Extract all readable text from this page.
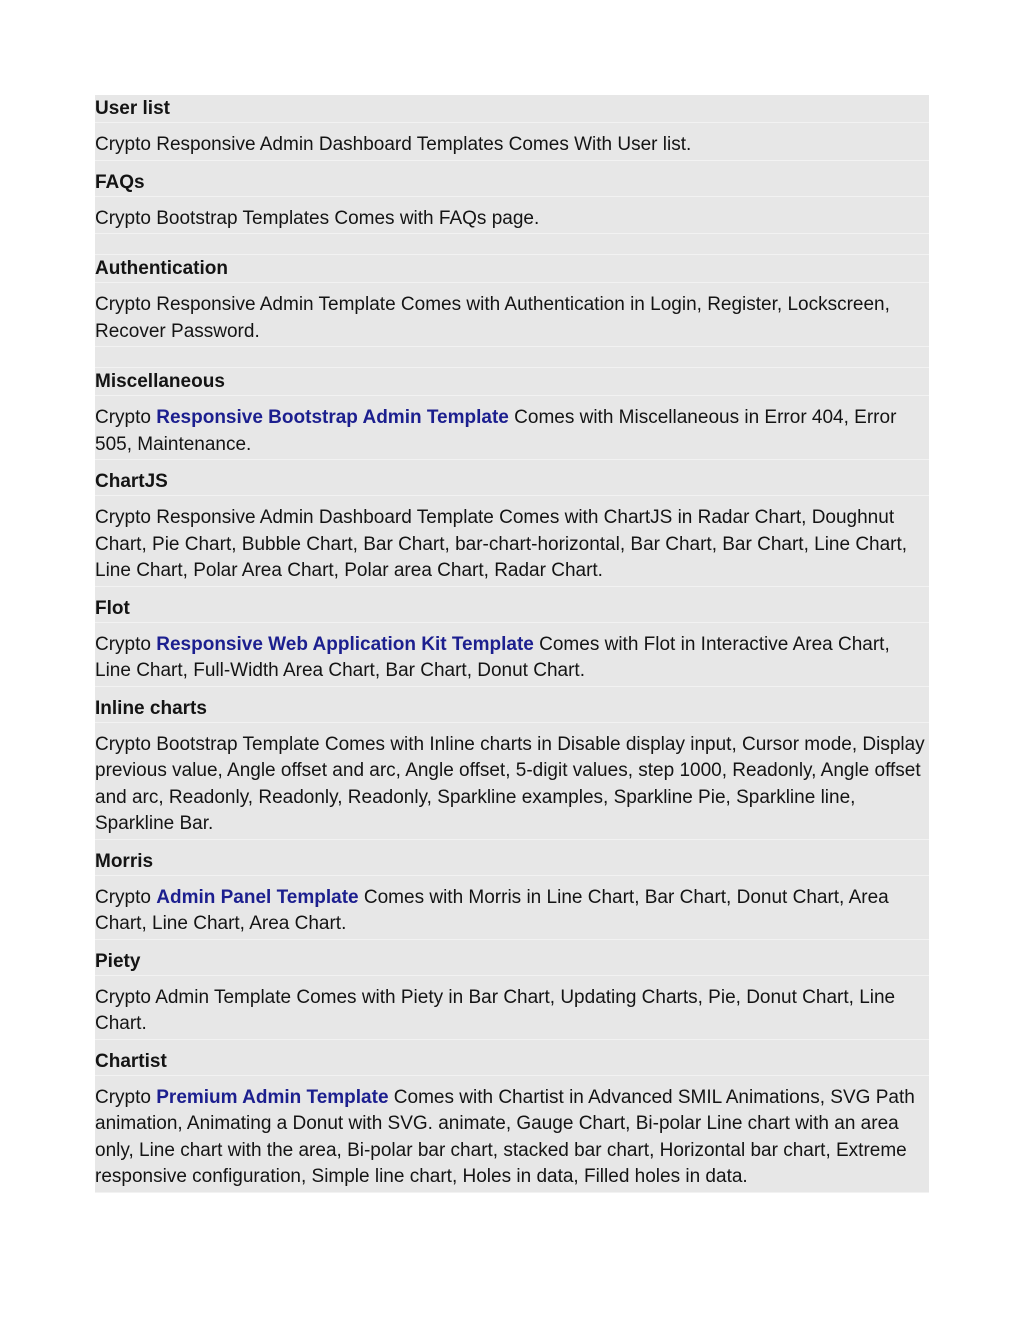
User list

Crypto Responsive Admin Dashboard Templates Comes With User list.

FAQs

Crypto Bootstrap Templates Comes with FAQs page.

Authentication

Crypto Responsive Admin Template Comes with Authentication in Login, Register, Lockscreen, Recover Password.

Miscellaneous

Crypto Responsive Bootstrap Admin Template Comes with Miscellaneous in Error 404, Error 505, Maintenance.

ChartJS

Crypto Responsive Admin Dashboard Template Comes with ChartJS in Radar Chart, Doughnut Chart, Pie Chart, Bubble Chart, Bar Chart, bar-chart-horizontal, Bar Chart, Bar Chart, Line Chart, Line Chart, Polar Area Chart, Polar area Chart, Radar Chart.

Flot

Crypto Responsive Web Application Kit Template Comes with Flot in Interactive Area Chart, Line Chart, Full-Width Area Chart, Bar Chart, Donut Chart.

Inline charts

Crypto Bootstrap Template Comes with Inline charts in Disable display input, Cursor mode, Display previous value, Angle offset and arc, Angle offset, 5-digit values, step 1000, Readonly, Angle offset and arc, Readonly, Readonly, Readonly, Sparkline examples, Sparkline Pie, Sparkline line, Sparkline Bar.

Morris

Crypto Admin Panel Template Comes with Morris in Line Chart, Bar Chart, Donut Chart, Area Chart, Line Chart, Area Chart.

Piety

Crypto Admin Template Comes with Piety in Bar Chart, Updating Charts, Pie, Donut Chart, Line Chart.

Chartist

Crypto Premium Admin Template Comes with Chartist in Advanced SMIL Animations, SVG Path animation, Animating a Donut with SVG. animate, Gauge Chart, Bi-polar Line chart with an area only, Line chart with the area, Bi-polar bar chart, stacked bar chart, Horizontal bar chart, Extreme responsive configuration, Simple line chart, Holes in data, Filled holes in data.
